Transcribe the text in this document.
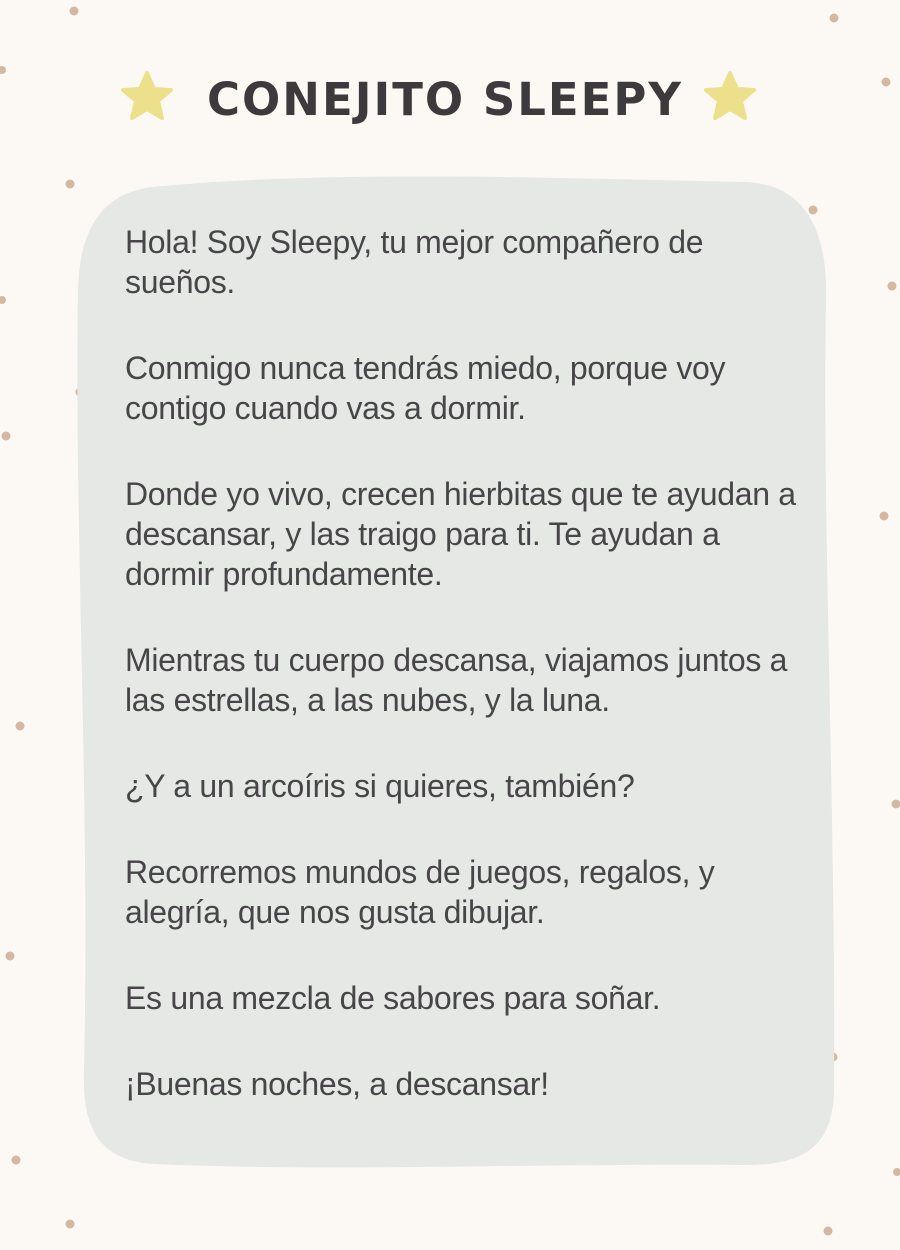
CONEJITO SLEEPY

Hola! Soy Sleepy, tu mejor compañero de sueños.

Conmigo nunca tendrás miedo, porque voy contigo cuando vas a dormir.

Donde yo vivo, crecen hierbitas que te ayudan a descansar, y las traigo para ti. Te ayudan a dormir profundamente.

Mientras tu cuerpo descansa, viajamos juntos a las estrellas, a las nubes, y la luna.

¿Y a un arcoíris si quieres, también?

Recorremos mundos de juegos, regalos, y alegría, que nos gusta dibujar.

Es una mezcla de sabores para soñar.

¡Buenas noches, a descansar!
